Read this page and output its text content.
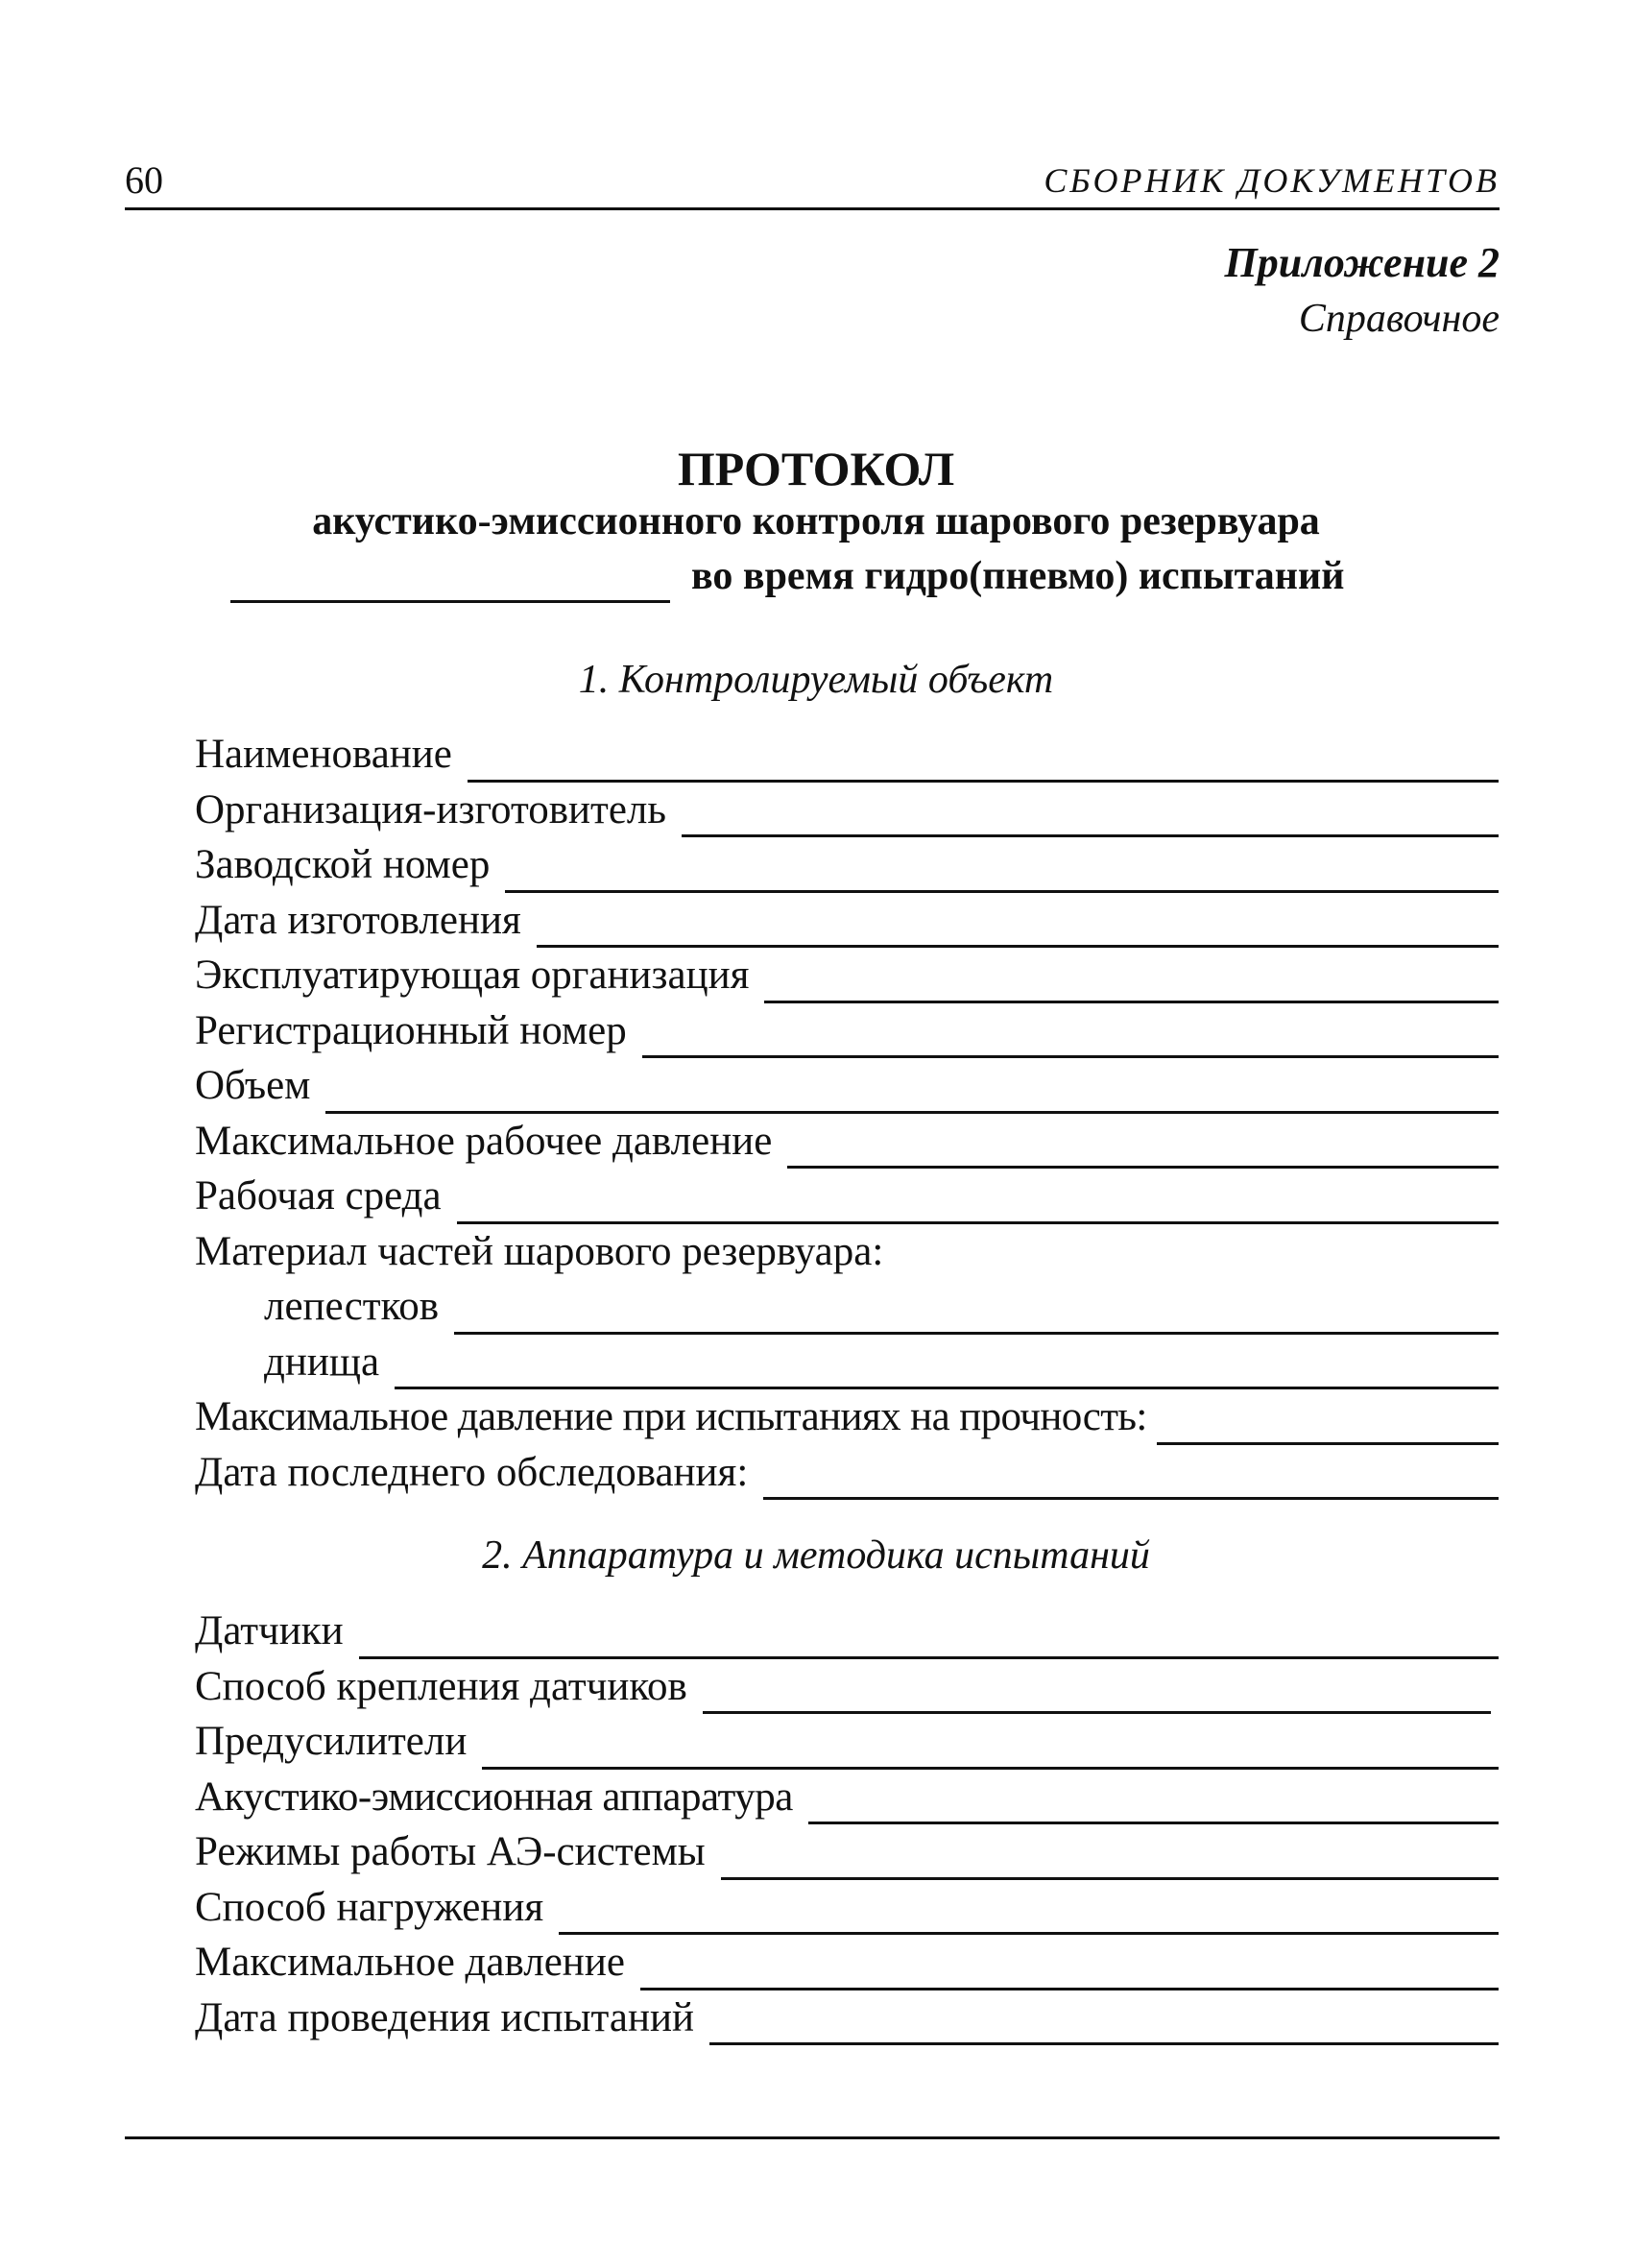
60	СБОРНИК ДОКУМЕНТОВ
Приложение 2
Справочное
ПРОТОКОЛ
акустико-эмиссионного контроля шарового резервуара
во время гидро(пневмо) испытаний
1. Контролируемый объект
Наименование
Организация-изготовитель
Заводской номер
Дата изготовления
Эксплуатирующая организация
Регистрационный номер
Объем
Максимальное рабочее давление
Рабочая среда
Материал частей шарового резервуара:
лепестков
днища
Максимальное давление при испытаниях на прочность:
Дата последнего обследования:
2. Аппаратура и методика испытаний
Датчики
Способ крепления датчиков
Предусилители
Акустико-эмиссионная аппаратура
Режимы работы АЭ-системы
Способ нагружения
Максимальное давление
Дата проведения испытаний
